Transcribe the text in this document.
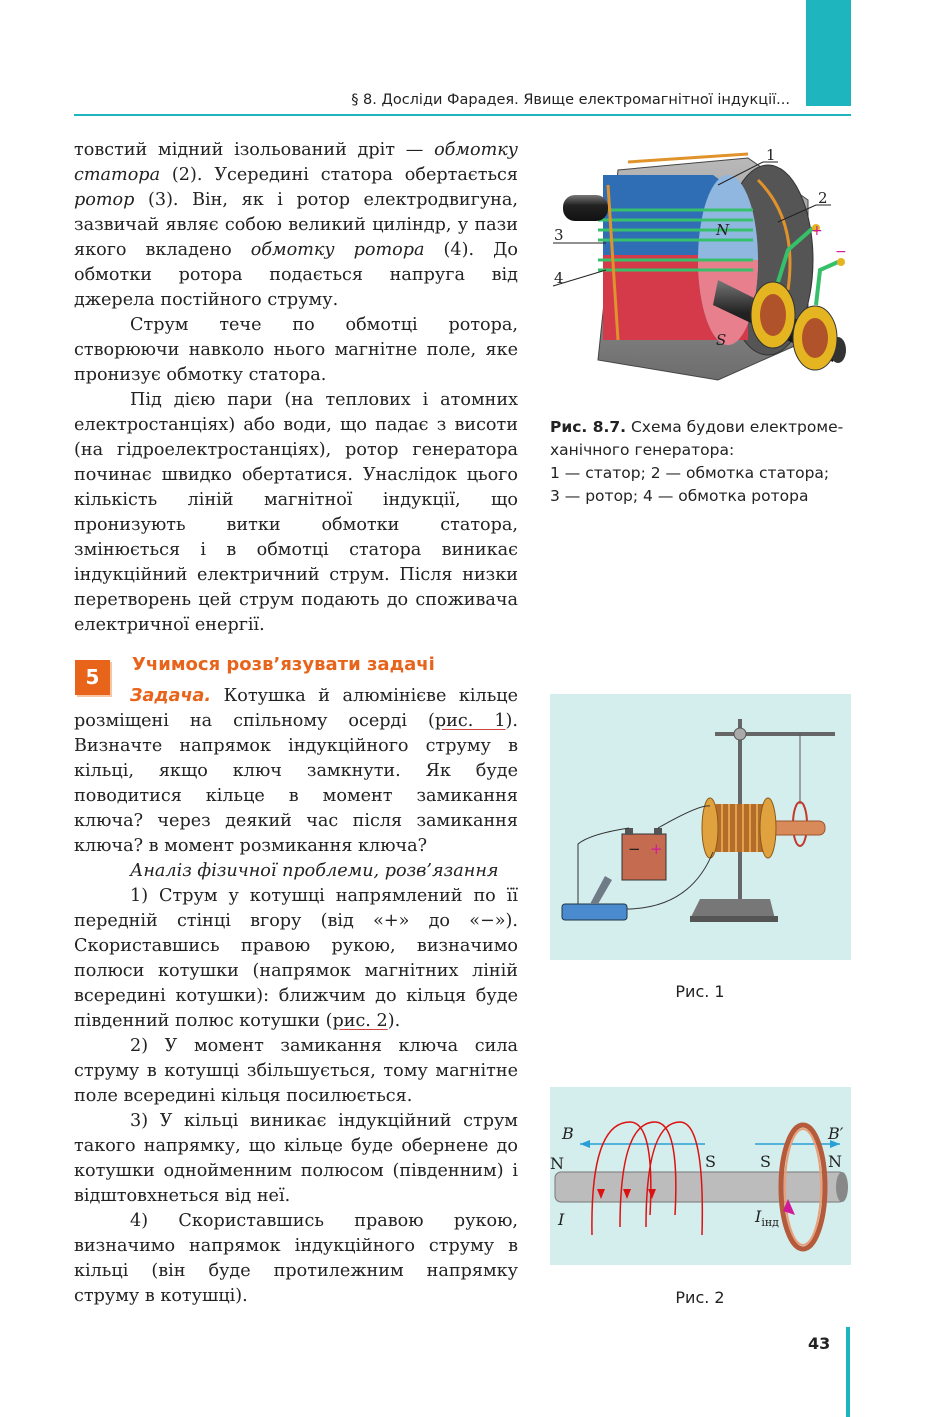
§ 8. Досліди Фарадея. Явище електромагнітної індукції...

товстий мідний ізольований дріт — обмотку статора (2). Усередині статора обертається ротор (3). Він, як і ротор електродвигуна, зазвичай являє собою великий циліндр, у пази якого вкладено обмотку ротора (4). До обмотки ротора подається напруга від джерела постійного струму.

Струм тече по обмотці ротора, створюючи навколо нього магнітне поле, яке пронизує обмотку статора.

Під дією пари (на теплових і атомних електростанціях) або води, що падає з висоти (на гідроелектростанціях), ротор генератора починає швидко обертатися. Унаслідок цього кількість ліній магнітної індукції, що пронизують витки обмотки статора, змінюється і в обмотці статора виникає індукційний електричний струм. Після низки перетворень цей струм подають до споживача електричної енергії.

5
Учимося розв’язувати задачі

Задача. Котушка й алюмінієве кільце розміщені на спільному осерді (рис. 1). Визначте напрямок індукційного струму в кільці, якщо ключ замкнути. Як буде поводитися кільце в момент замикання ключа? через деякий час після замикання ключа? в момент розмикання ключа?

Аналіз фізичної проблеми, розв’язання

1) Струм у котушці напрямлений по її передній стінці вгору (від «+» до «−»). Скориставшись правою рукою, визначимо полюси котушки (напрямок магнітних ліній всередині котушки): ближчим до кільця буде південний полюс котушки (рис. 2).

2) У момент замикання ключа сила струму в котушці збільшується, тому магнітне поле всередині кільця посилюється.

3) У кільці виникає індукційний струм такого напрямку, що кільце буде обернене до котушки однойменним полюсом (південним) і відштовхнеться від неї.

4) Скориставшись правою рукою, визначимо напрямок індукційного струму в кільці (він буде протилежним напрямку струму в котушці).

+
−
N
S
1
2
3
4
Рис. 8.7. Схема будови електроме-
ханічного генератора:
1 — статор; 2 — обмотка статора;
3 — ротор; 4 — обмотка ротора
− +
Рис. 1
B	B′
N	S	S	N
I	$I_{інд}$
Рис. 2
43
